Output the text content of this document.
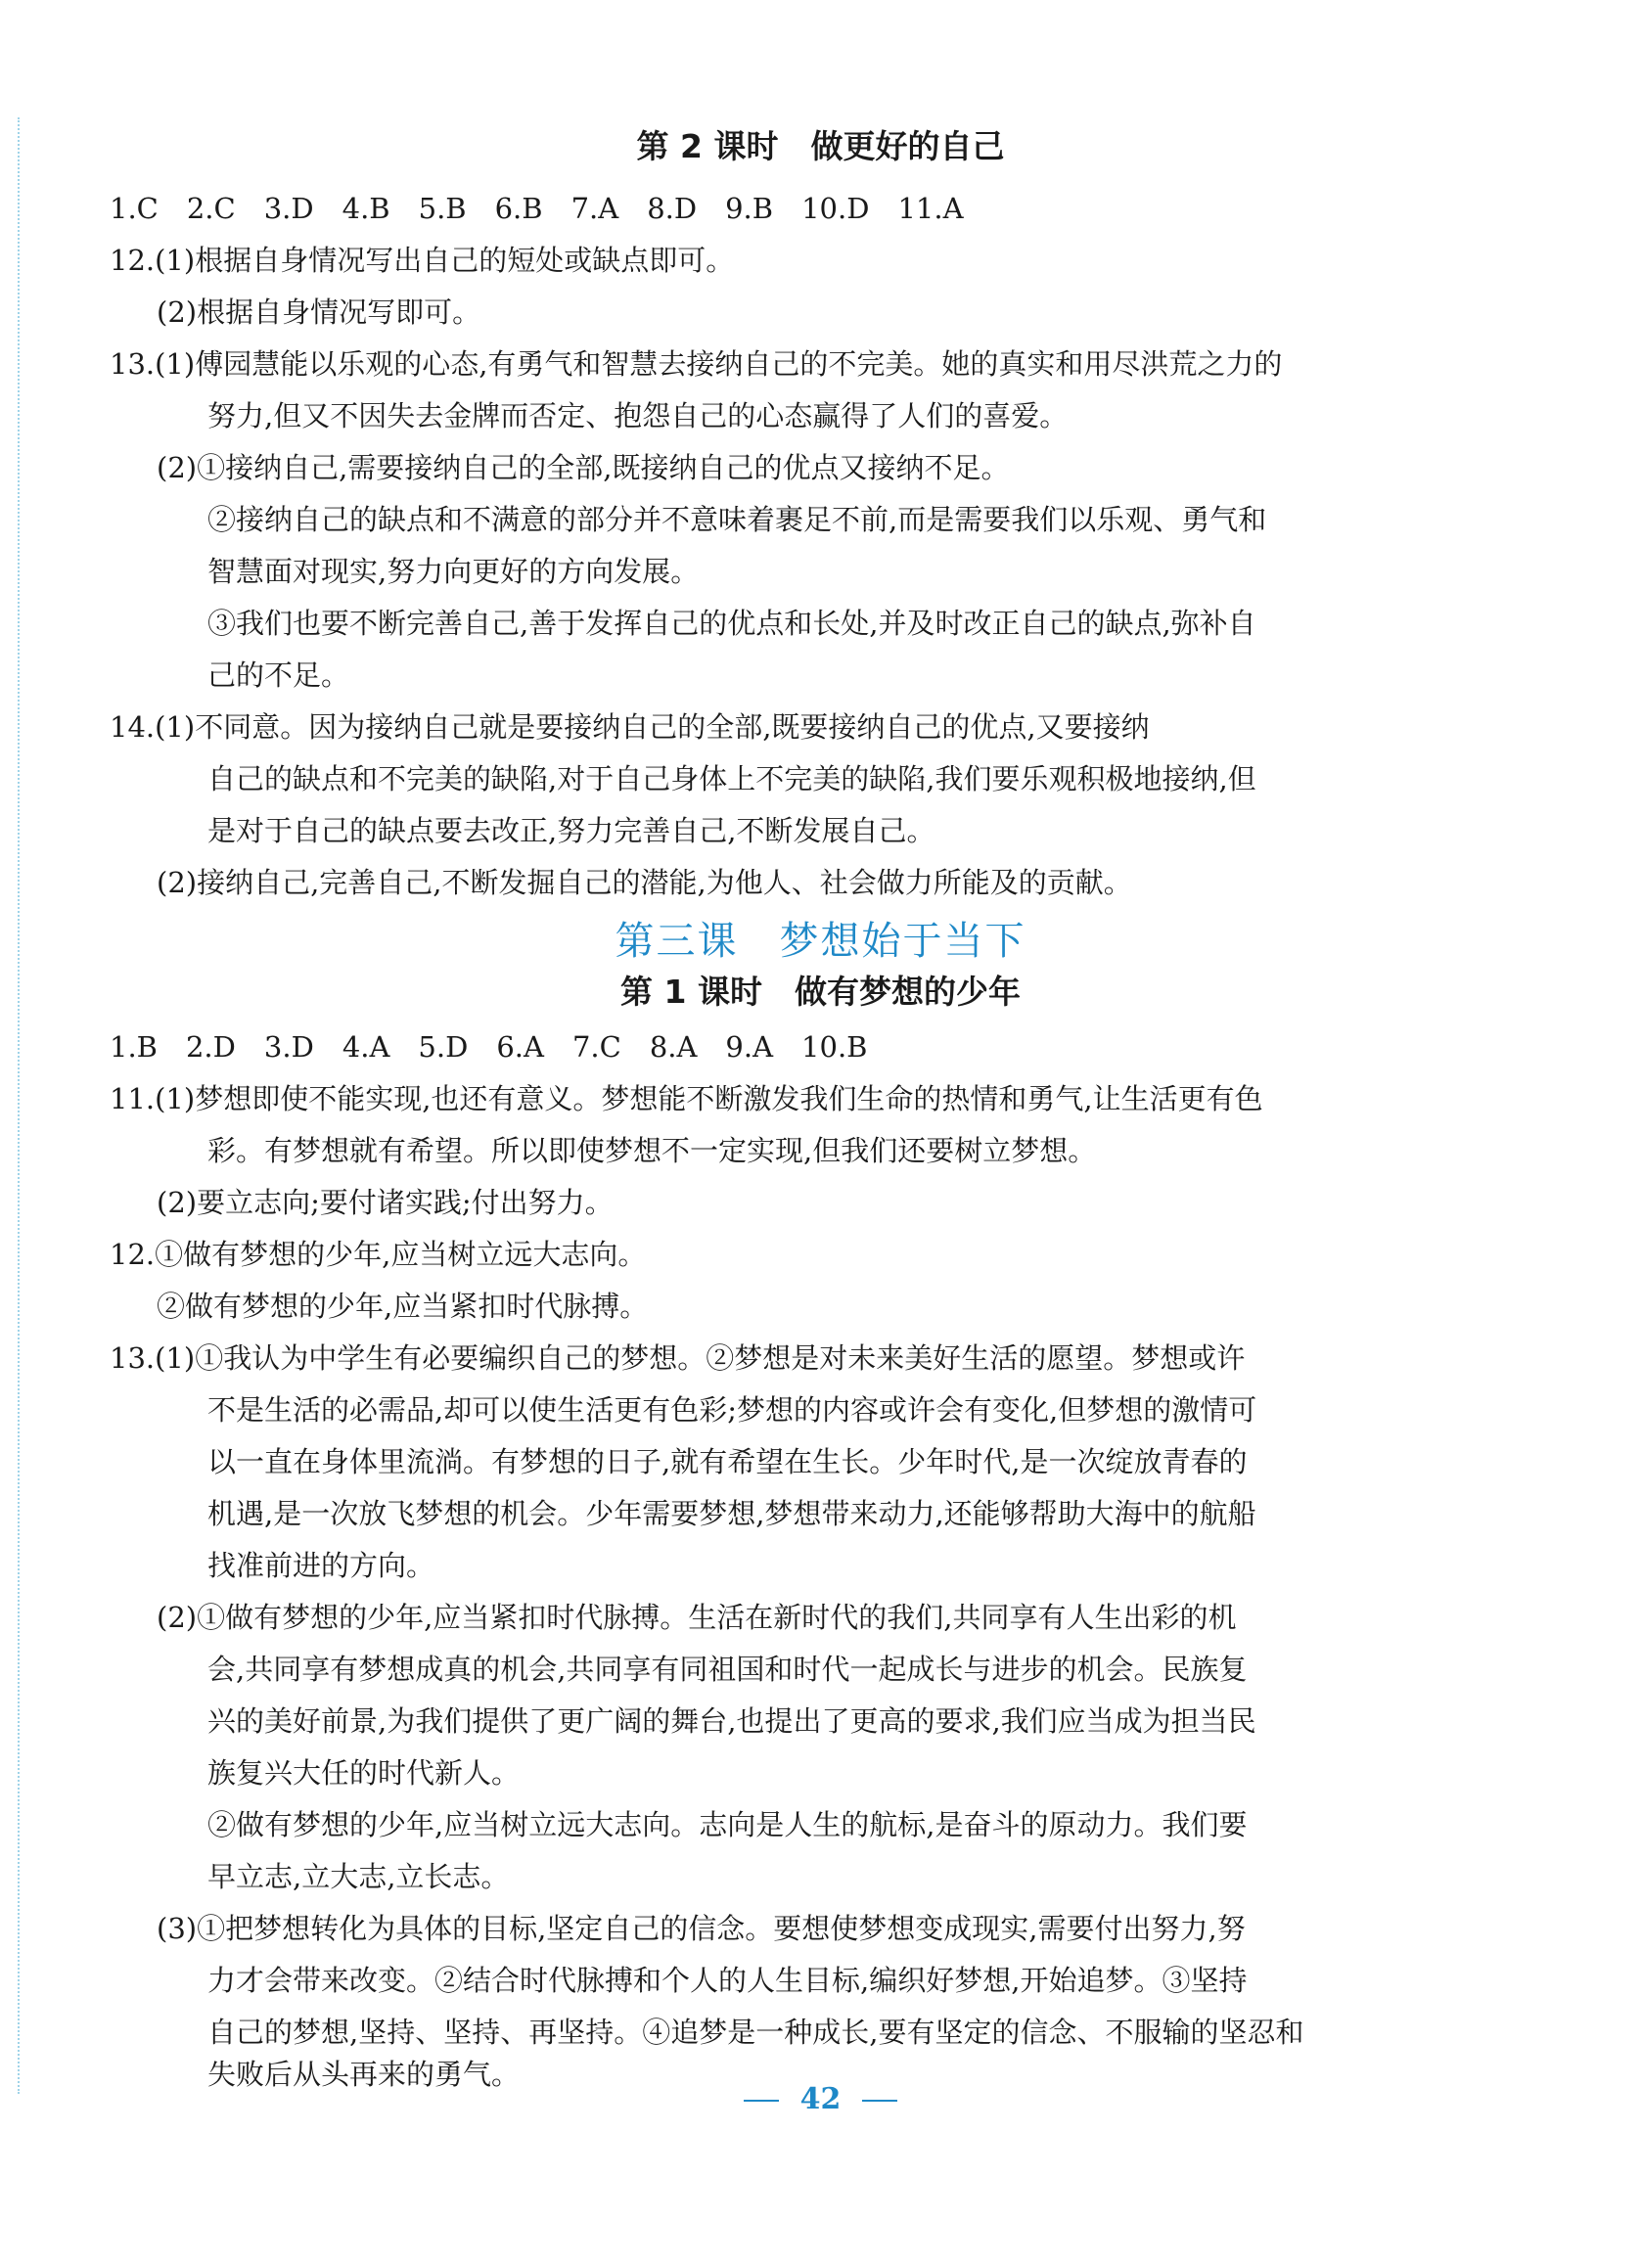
第 2 课时　做更好的自己
1.C　2.C　3.D　4.B　5.B　6.B　7.A　8.D　9.B　10.D　11.A
12.(1)根据自身情况写出自己的短处或缺点即可。
(2)根据自身情况写即可。
13.(1)傅园慧能以乐观的心态,有勇气和智慧去接纳自己的不完美。她的真实和用尽洪荒之力的
努力,但又不因失去金牌而否定、抱怨自己的心态赢得了人们的喜爱。
(2)①接纳自己,需要接纳自己的全部,既接纳自己的优点又接纳不足。
②接纳自己的缺点和不满意的部分并不意味着裹足不前,而是需要我们以乐观、勇气和
智慧面对现实,努力向更好的方向发展。
③我们也要不断完善自己,善于发挥自己的优点和长处,并及时改正自己的缺点,弥补自
己的不足。
14.(1)不同意。因为接纳自己就是要接纳自己的全部,既要接纳自己的优点,又要接纳
自己的缺点和不完美的缺陷,对于自己身体上不完美的缺陷,我们要乐观积极地接纳,但
是对于自己的缺点要去改正,努力完善自己,不断发展自己。
(2)接纳自己,完善自己,不断发掘自己的潜能,为他人、社会做力所能及的贡献。
第三课　梦想始于当下
第 1 课时　做有梦想的少年
1.B　2.D　3.D　4.A　5.D　6.A　7.C　8.A　9.A　10.B
11.(1)梦想即使不能实现,也还有意义。梦想能不断激发我们生命的热情和勇气,让生活更有色
彩。有梦想就有希望。所以即使梦想不一定实现,但我们还要树立梦想。
(2)要立志向;要付诸实践;付出努力。
12.①做有梦想的少年,应当树立远大志向。
②做有梦想的少年,应当紧扣时代脉搏。
13.(1)①我认为中学生有必要编织自己的梦想。②梦想是对未来美好生活的愿望。梦想或许
不是生活的必需品,却可以使生活更有色彩;梦想的内容或许会有变化,但梦想的激情可
以一直在身体里流淌。有梦想的日子,就有希望在生长。少年时代,是一次绽放青春的
机遇,是一次放飞梦想的机会。少年需要梦想,梦想带来动力,还能够帮助大海中的航船
找准前进的方向。
(2)①做有梦想的少年,应当紧扣时代脉搏。生活在新时代的我们,共同享有人生出彩的机
会,共同享有梦想成真的机会,共同享有同祖国和时代一起成长与进步的机会。民族复
兴的美好前景,为我们提供了更广阔的舞台,也提出了更高的要求,我们应当成为担当民
族复兴大任的时代新人。
②做有梦想的少年,应当树立远大志向。志向是人生的航标,是奋斗的原动力。我们要
早立志,立大志,立长志。
(3)①把梦想转化为具体的目标,坚定自己的信念。要想使梦想变成现实,需要付出努力,努
力才会带来改变。②结合时代脉搏和个人的人生目标,编织好梦想,开始追梦。③坚持
自己的梦想,坚持、坚持、再坚持。④追梦是一种成长,要有坚定的信念、不服输的坚忍和
失败后从头再来的勇气。
42
